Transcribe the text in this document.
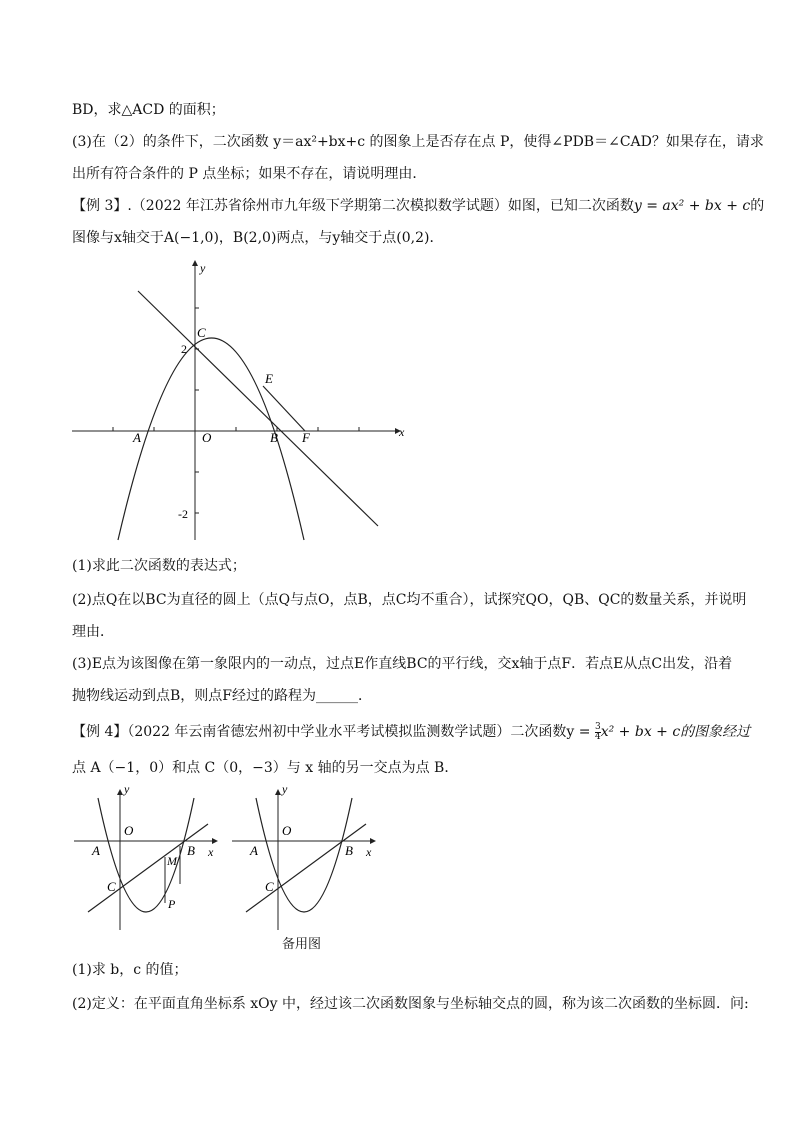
BD，求△ACD 的面积；
(3)在（2）的条件下，二次函数 y＝ax²+bx+c 的图象上是否存在点 P，使得∠PDB＝∠CAD？如果存在，请求
出所有符合条件的 P 点坐标；如果不存在，请说明理由．
【例 3】.（2022 年江苏省徐州市九年级下学期第二次模拟数学试题）如图，已知二次函数y = ax² + bx + c的
图像与x轴交于A(−1,0)，B(2,0)两点，与y轴交于点(0,2)．
y
x
C
2
E
A	O	B F
-2
(1)求此二次函数的表达式；
(2)点Q在以BC为直径的圆上（点Q与点O，点B，点C均不重合），试探究QO，QB、QC的数量关系，并说明
理由．
(3)E点为该图像在第一象限内的一动点，过点E作直线BC的平行线，交x轴于点F．若点E从点C出发，沿着
抛物线运动到点B，则点F经过的路程为______．
【例 4】（2022 年云南省德宏州初中学业水平考试模拟监测数学试题）二次函数$y = \frac{3}{4} x^2$ + bx + c的图象经过
点 A（−1，0）和点 C（0，−3）与 x 轴的另一交点为点 B．
y
x
O
A	B
M
C
P
y
x
O
A	B
C
备用图
(1)求 b，c 的值；
(2)定义：在平面直角坐标系 xOy 中，经过该二次函数图象与坐标轴交点的圆，称为该二次函数的坐标圆．问:
